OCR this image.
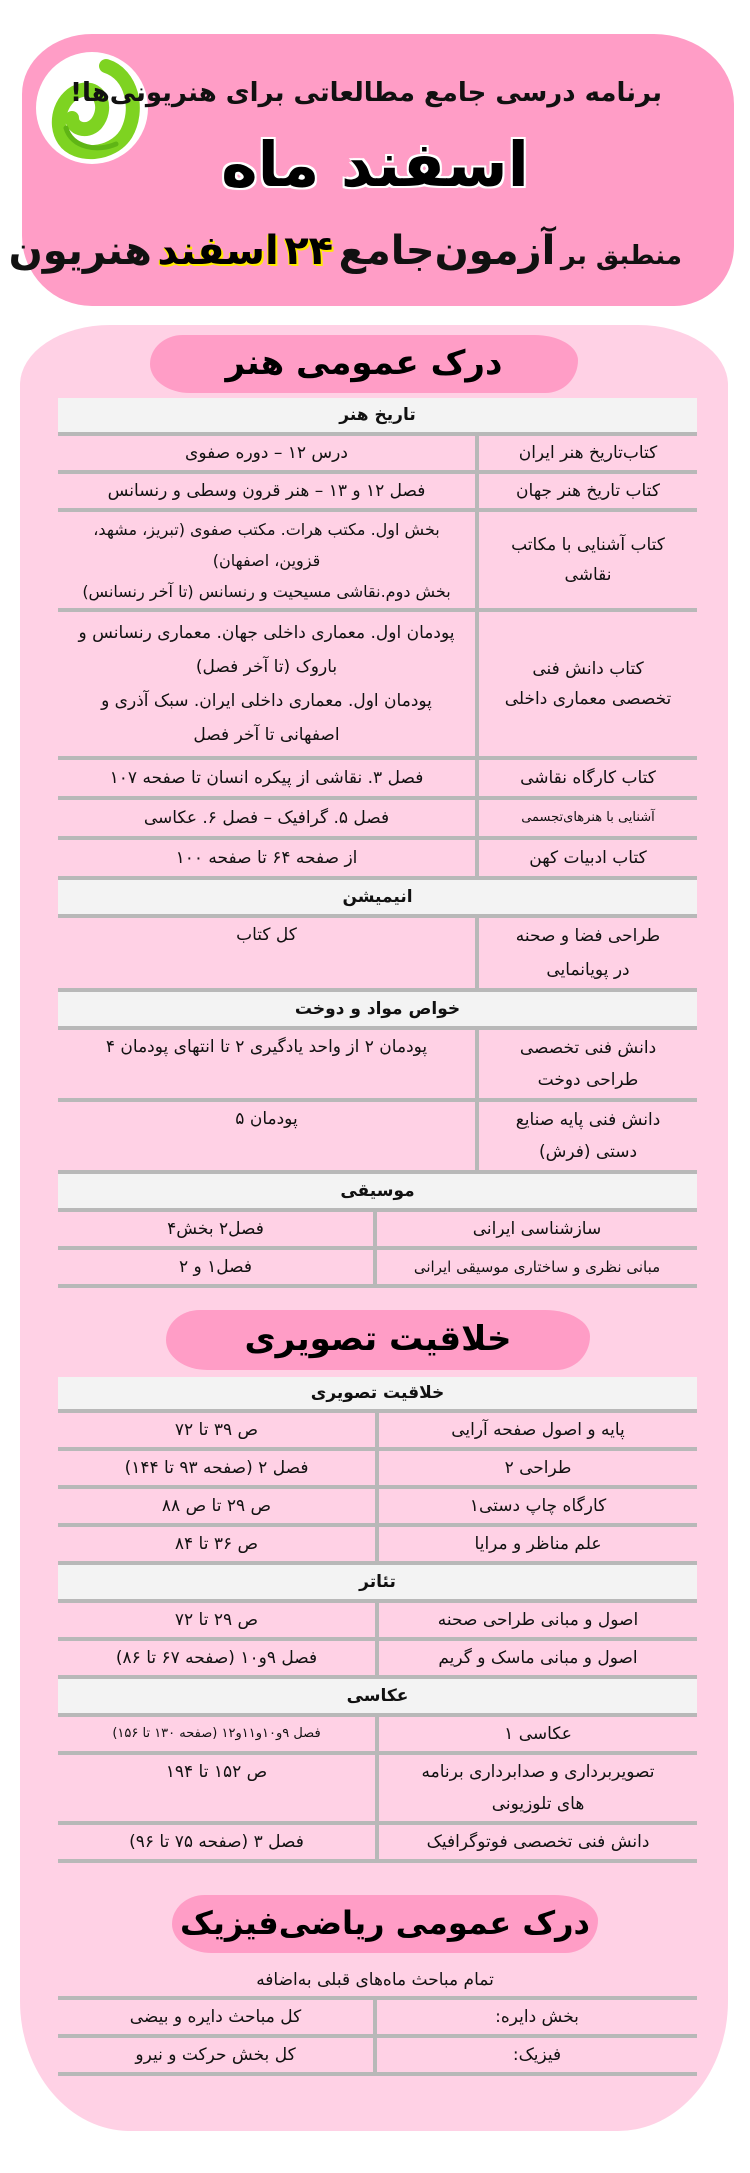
برنامه درسی جامع مطالعاتی برای هنریونی‌ها!
اسفند ماه
منطبق بر آزمون‌جامع ۲۴ اسفند هنریون
درک عمومی هنر
تاریخ هنر
کتاب‌تاریخ هنر ایران
درس ۱۲ – دوره صفوی
کتاب تاریخ هنر جهان
فصل ۱۲ و ۱۳ – هنر قرون وسطی و رنسانس
کتاب آشنایی با مکاتب نقاشی
بخش اول. مکتب هرات. مکتب صفوی (تبریز، مشهد، قزوین، اصفهان)
بخش دوم.نقاشی مسیحیت و رنسانس (تا آخر رنسانس)
کتاب دانش فنی تخصصی معماری داخلی
پودمان اول. معماری داخلی جهان. معماری رنسانس و باروک (تا آخر فصل)
پودمان اول. معماری داخلی ایران. سبک آذری و اصفهانی تا آخر فصل
کتاب کارگاه نقاشی
فصل ۳. نقاشی از پیکره انسان تا صفحه ۱۰۷
آشنایی با هنرهای‌تجسمی
فصل ۵. گرافیک – فصل ۶. عکاسی
کتاب ادبیات کهن
از صفحه ۶۴ تا صفحه ۱۰۰
انیمیشن
طراحی فضا و صحنه در پویانمایی
کل کتاب
خواص مواد و دوخت
دانش فنی تخصصی طراحی دوخت
پودمان ۲ از واحد یادگیری ۲ تا انتهای پودمان ۴
دانش فنی پایه صنایع دستی (فرش)
پودمان ۵
موسیقی
سازشناسی ایرانی
فصل۲ بخش۴
مبانی نظری و ساختاری موسیقی ایرانی
فصل۱ و ۲
خلاقیت تصویری
خلاقیت تصویری
پایه و اصول صفحه آرایی
ص ۳۹ تا ۷۲
طراحی ۲
فصل ۲ (صفحه ۹۳ تا ۱۴۴)
کارگاه چاپ دستی۱
ص ۲۹ تا ص ۸۸
علم مناظر و مرایا
ص ۳۶ تا ۸۴
تئاتر
اصول و مبانی طراحی صحنه
ص ۲۹ تا ۷۲
اصول و مبانی ماسک و گریم
فصل ۹و۱۰ (صفحه ۶۷ تا ۸۶)
عکاسی
عکاسی ۱
فصل ۹و۱۰و۱۱و۱۲ (صفحه ۱۳۰ تا ۱۵۶)
تصویربرداری و صدابرداری برنامه های تلوزیونی
ص ۱۵۲ تا ۱۹۴
دانش فنی تخصصی فوتوگرافیک
فصل ۳ (صفحه ۷۵ تا ۹۶)
درک عمومی ریاضی‌فیزیک
تمام مباحث ماه‌های قبلی به‌اضافه
بخش دایره:
کل مباحث دایره و بیضی
فیزیک:
کل بخش حرکت و نیرو
